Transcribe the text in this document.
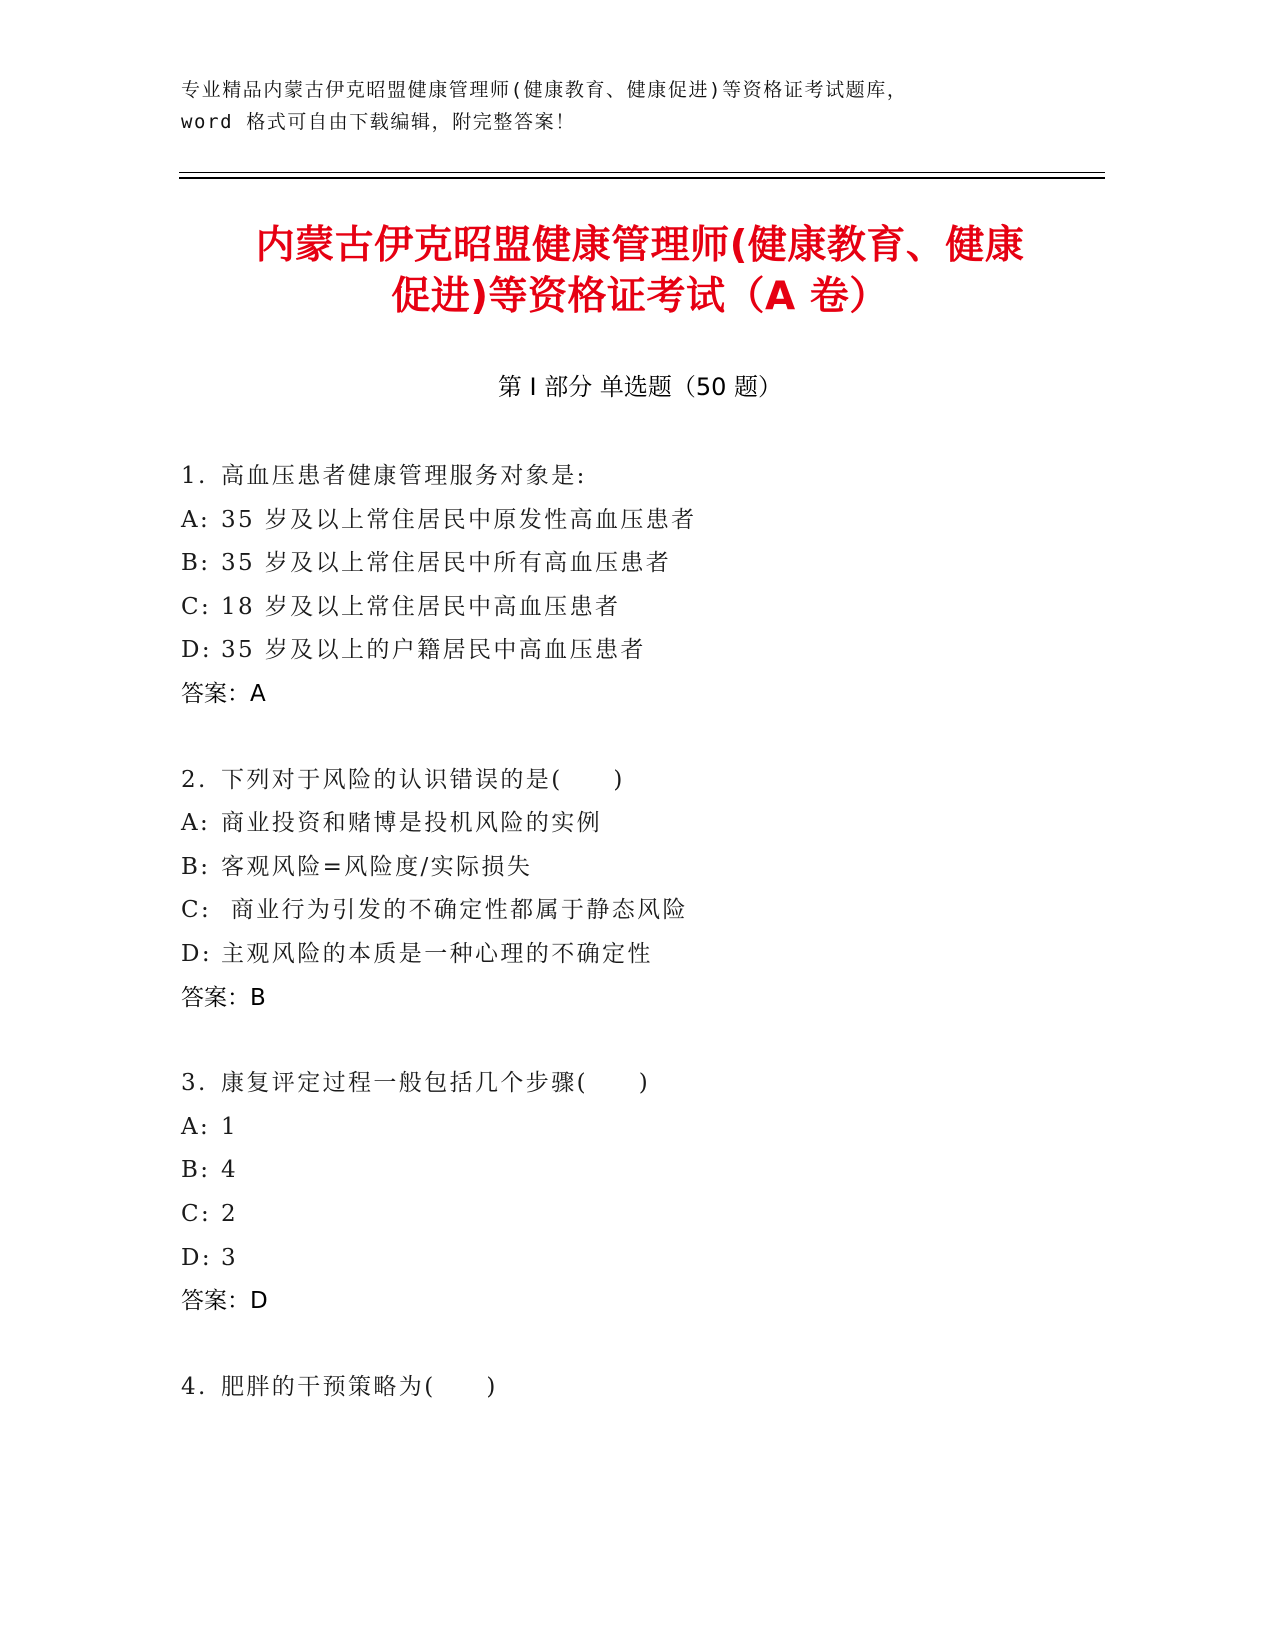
专业精品内蒙古伊克昭盟健康管理师(健康教育、健康促进)等资格证考试题库，
word 格式可自由下载编辑，附完整答案！
内蒙古伊克昭盟健康管理师(健康教育、健康
促进)等资格证考试（A 卷）
第 I 部分 单选题（50 题）
1. 高血压患者健康管理服务对象是:
A: 35 岁及以上常住居民中原发性高血压患者
B: 35 岁及以上常住居民中所有高血压患者
C: 18 岁及以上常住居民中高血压患者
D: 35 岁及以上的户籍居民中高血压患者
答案：A
2. 下列对于风险的认识错误的是(　　)
A: 商业投资和赌博是投机风险的实例
B: 客观风险=风险度/实际损失
C: 商业行为引发的不确定性都属于静态风险
D: 主观风险的本质是一种心理的不确定性
答案：B
3. 康复评定过程一般包括几个步骤(　　)
A: 1
B: 4
C: 2
D: 3
答案：D
4. 肥胖的干预策略为(　　)
